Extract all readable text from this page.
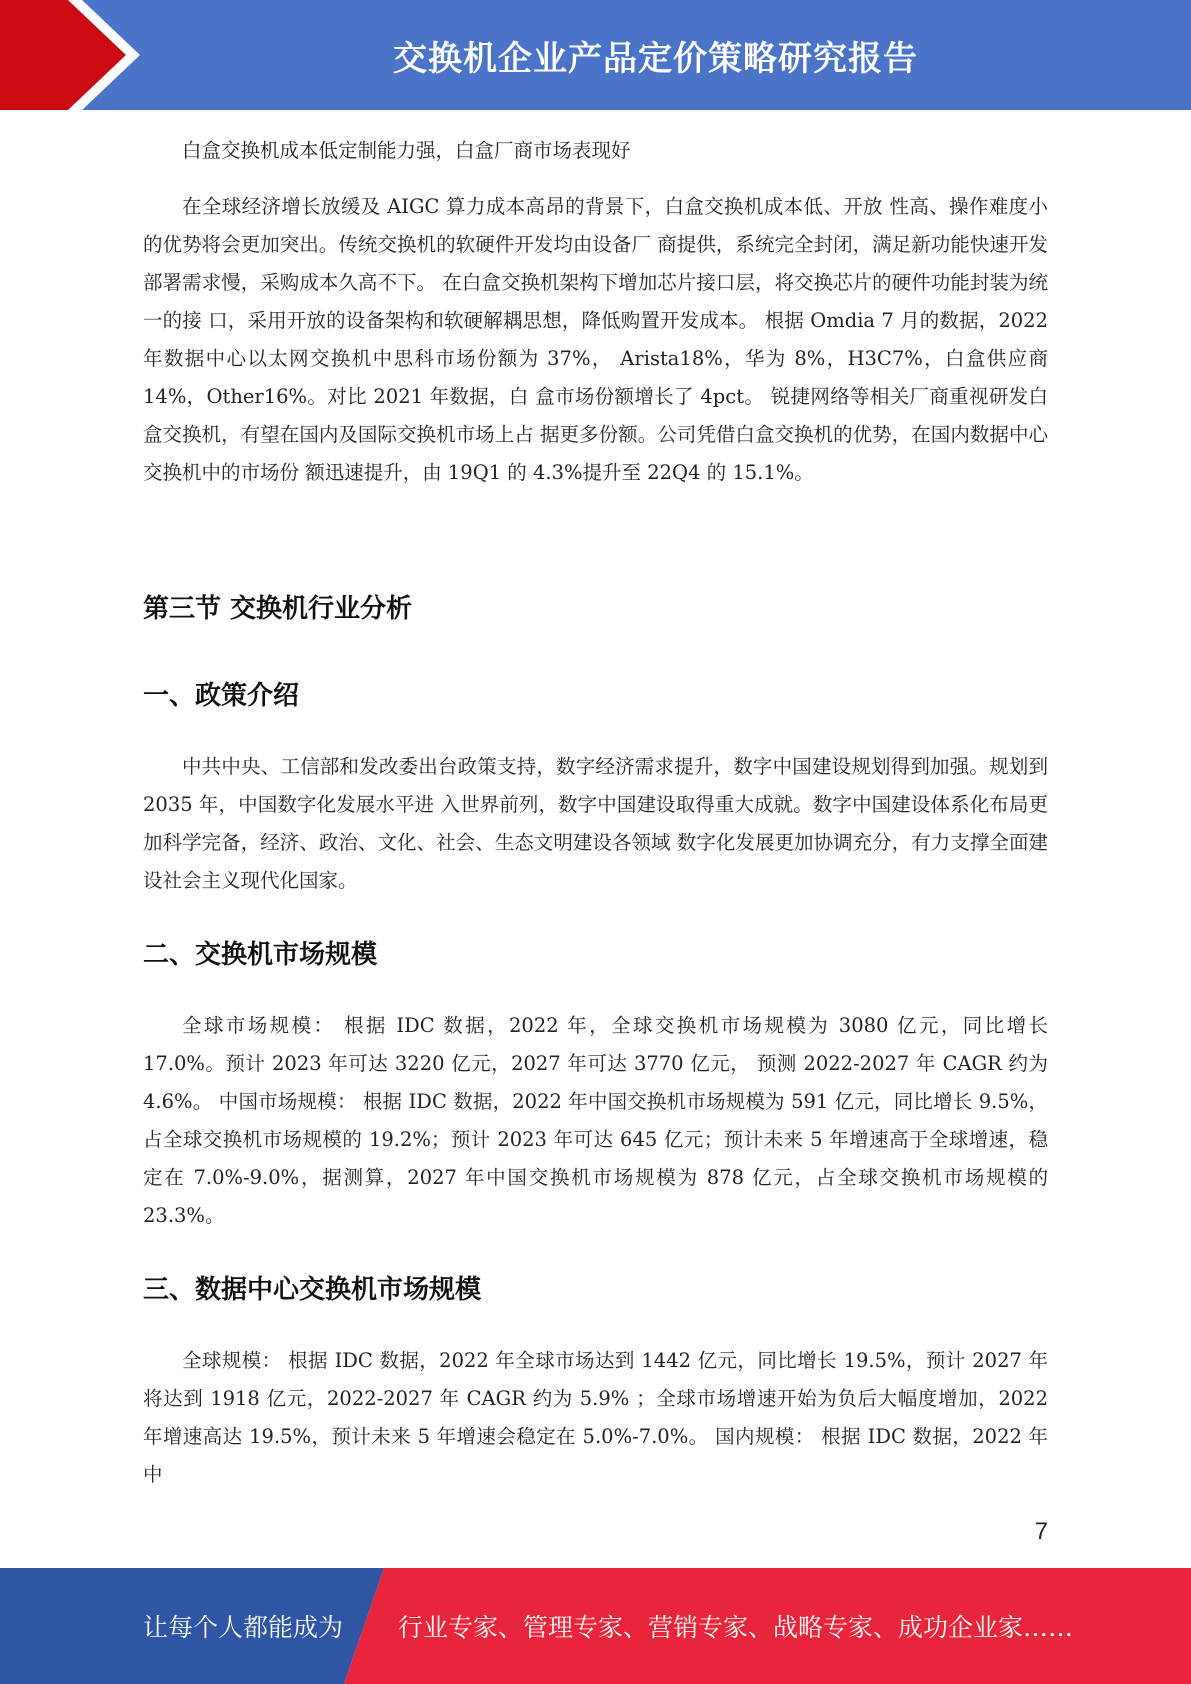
交换机企业产品定价策略研究报告

白盒交换机成本低定制能力强，白盒厂商市场表现好

在全球经济增长放缓及 AIGC 算力成本高昂的背景下，白盒交换机成本低、开放 性高、操作难度小的优势将会更加突出。传统交换机的软硬件开发均由设备厂 商提供，系统完全封闭，满足新功能快速开发部署需求慢，采购成本久高不下。 在白盒交换机架构下增加芯片接口层，将交换芯片的硬件功能封装为统一的接 口，采用开放的设备架构和软硬解耦思想，降低购置开发成本。 根据 Omdia 7 月的数据，2022 年数据中心以太网交换机中思科市场份额为 37%， Arista18%，华为 8%，H3C7%，白盒供应商 14%，Other16%。对比 2021 年数据，白 盒市场份额增长了 4pct。 锐捷网络等相关厂商重视研发白盒交换机，有望在国内及国际交换机市场上占 据更多份额。公司凭借白盒交换机的优势，在国内数据中心交换机中的市场份 额迅速提升，由 19Q1 的 4.3%提升至 22Q4 的 15.1%。

第三节 交换机行业分析
一、政策介绍

中共中央、工信部和发改委出台政策支持，数字经济需求提升，数字中国建设规划得到加强。规划到 2035 年，中国数字化发展水平进 入世界前列，数字中国建设取得重大成就。数字中国建设体系化布局更加科学完备，经济、政治、文化、社会、生态文明建设各领域 数字化发展更加协调充分，有力支撑全面建设社会主义现代化国家。

二、交换机市场规模

全球市场规模： 根据 IDC 数据，2022 年，全球交换机市场规模为 3080 亿元，同比增长 17.0%。预计 2023 年可达 3220 亿元，2027 年可达 3770 亿元， 预测 2022-2027 年 CAGR 约为 4.6%。 中国市场规模： 根据 IDC 数据，2022 年中国交换机市场规模为 591 亿元，同比增长 9.5%，占全球交换机市场规模的 19.2%；预计 2023 年可达 645 亿元；预计未来 5 年增速高于全球增速，稳定在 7.0%-9.0%，据测算，2027 年中国交换机市场规模为 878 亿元，占全球交换机市场规模的 23.3%。

三、数据中心交换机市场规模

全球规模： 根据 IDC 数据，2022 年全球市场达到 1442 亿元，同比增长 19.5%，预计 2027 年将达到 1918 亿元，2022-2027 年 CAGR 约为 5.9% ；全球市场增速开始为负后大幅度增加，2022 年增速高达 19.5%，预计未来 5 年增速会稳定在 5.0%-7.0%。 国内规模： 根据 IDC 数据，2022 年中

7
让每个人都能成为 行业专家、管理专家、营销专家、战略专家、成功企业家……
